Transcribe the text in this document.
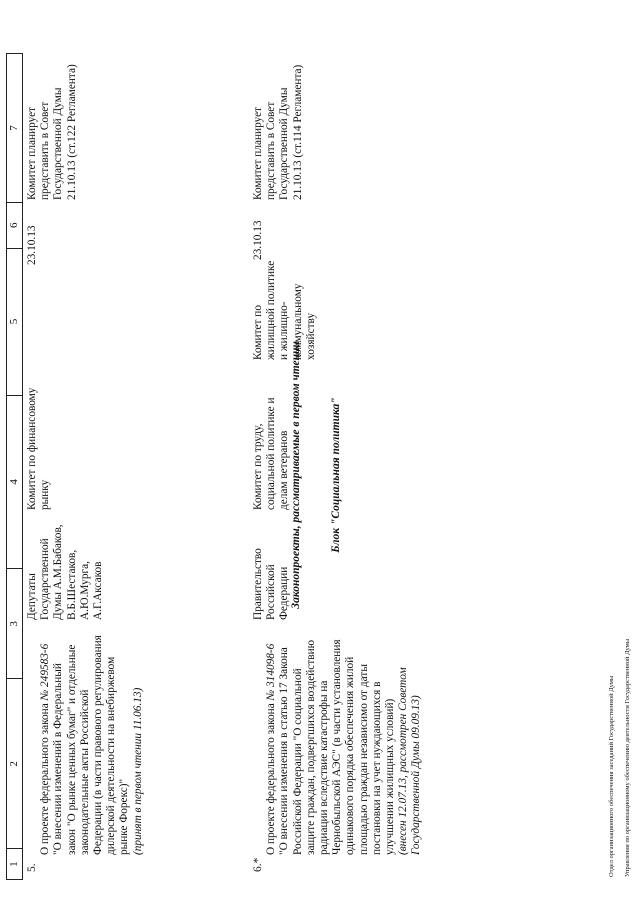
1
2
3
4
5
6
7
5.

О проекте федерального закона № 249583-6
"О внесении изменений в Федеральный закон "О рынке ценных бумаг" и отдельные законодательные акты Российской Федерации (в части правового регулирования дилерской деятельности на внебиржевом рынке Форекс)"
(принят в первом чтении 11.06.13)

Депутаты Государственной Думы А.М.Бабаков, В.Б.Шестаков, А.Ю.Мурга, А.Г.Аксаков
Комитет по финансовому рынку
23.10.13
Комитет планирует представить в Совет Государственной Думы 21.10.13 (ст.122 Регламента)
Законопроекты, рассматриваемые в первом чтении Блок "Социальная политика"
6.*

О проекте федерального закона № 314098-6
"О внесении изменения в статью 17 Закона Российской Федерации "О социальной защите граждан, подвергшихся воздействию радиации вследствие катастрофы на Чернобыльской АЭС" (в части установления одинакового порядка обеспечения жилой площадью граждан независимо от даты постановки на учет нуждающихся в улучшении жилищных условий)
(внесен 12.07.13, рассмотрен Советом Государственной Думы 09.09.13)

Правительство Российской Федерации
Комитет по труду, социальной политике и делам ветеранов
Комитет по жилищной политике и жилищно-коммунальному хозяйству
23.10.13
Комитет планирует представить в Совет Государственной Думы 21.10.13 (ст.114 Регламента)

Отдел организационного обеспечения заседаний Государственной Думы Управления по организационному обеспечению деятельности Государственной Думы
